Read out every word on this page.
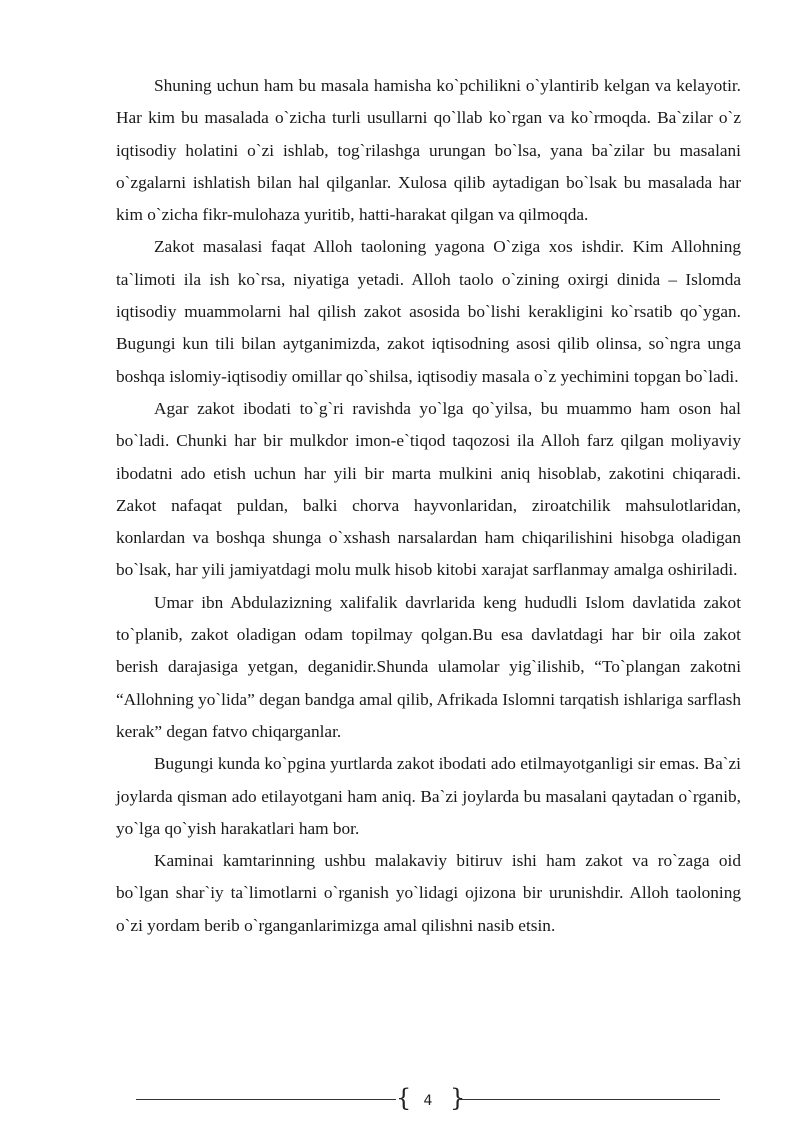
Shuning uchun ham bu masala hamisha ko`pchilikni o`ylantirib kelgan va kelayotir. Har kim bu masalada o`zicha turli usullarni qo`llab ko`rgan va ko`rmoqda. Ba`zilar o`z iqtisodiy holatini o`zi ishlab, tog`rilashga urungan bo`lsa, yana ba`zilar bu masalani o`zgalarni ishlatish bilan hal qilganlar. Xulosa qilib aytadigan bo`lsak bu masalada har kim o`zicha fikr-mulohaza yuritib, hatti-harakat qilgan va qilmoqda.

Zakot masalasi faqat Alloh taoloning yagona O`ziga xos ishdir. Kim Allohning ta`limoti ila ish ko`rsa, niyatiga yetadi. Alloh taolo o`zining oxirgi dinida – Islomda iqtisodiy muammolarni hal qilish zakot asosida bo`lishi kerakligini ko`rsatib qo`ygan. Bugungi kun tili bilan aytganimizda, zakot iqtisodning asosi qilib olinsa, so`ngra unga boshqa islomiy-iqtisodiy omillar qo`shilsa, iqtisodiy masala o`z yechimini topgan bo`ladi.

Agar zakot ibodati to`g`ri ravishda yo`lga qo`yilsa, bu muammo ham oson hal bo`ladi. Chunki har bir mulkdor imon-e`tiqod taqozosi ila Alloh farz qilgan moliyaviy ibodatni ado etish uchun har yili bir marta mulkini aniq hisoblab, zakotini chiqaradi. Zakot nafaqat puldan, balki chorva hayvonlaridan, ziroatchilik mahsulotlaridan, konlardan va boshqa shunga o`xshash narsalardan ham chiqarilishini hisobga oladigan bo`lsak, har yili jamiyatdagi molu mulk hisob kitobi xarajat sarflanmay amalga oshiriladi.

Umar ibn Abdulazizning xalifalik davrlarida keng hududli Islom davlatida zakot to`planib, zakot oladigan odam topilmay qolgan.Bu esa davlatdagi har bir oila zakot berish darajasiga yetgan, deganidir.Shunda ulamolar yig`ilishib, “To`plangan zakotni “Allohning yo`lida” degan bandga amal qilib, Afrikada Islomni tarqatish ishlariga sarflash kerak” degan fatvo chiqarganlar.

Bugungi kunda ko`pgina yurtlarda zakot ibodati ado etilmayotganligi sir emas. Ba`zi joylarda qisman ado etilayotgani ham aniq. Ba`zi joylarda bu masalani qaytadan o`rganib, yo`lga qo`yish harakatlari ham bor.

Kaminai kamtarinning ushbu malakaviy bitiruv ishi ham zakot va ro`zaga oid bo`lgan shar`iy ta`limotlarni o`rganish yo`lidagi ojizona bir urunishdir. Alloh taoloning o`zi yordam berib o`rganganlarimizga amal qilishni nasib etsin.

{ 4 }
